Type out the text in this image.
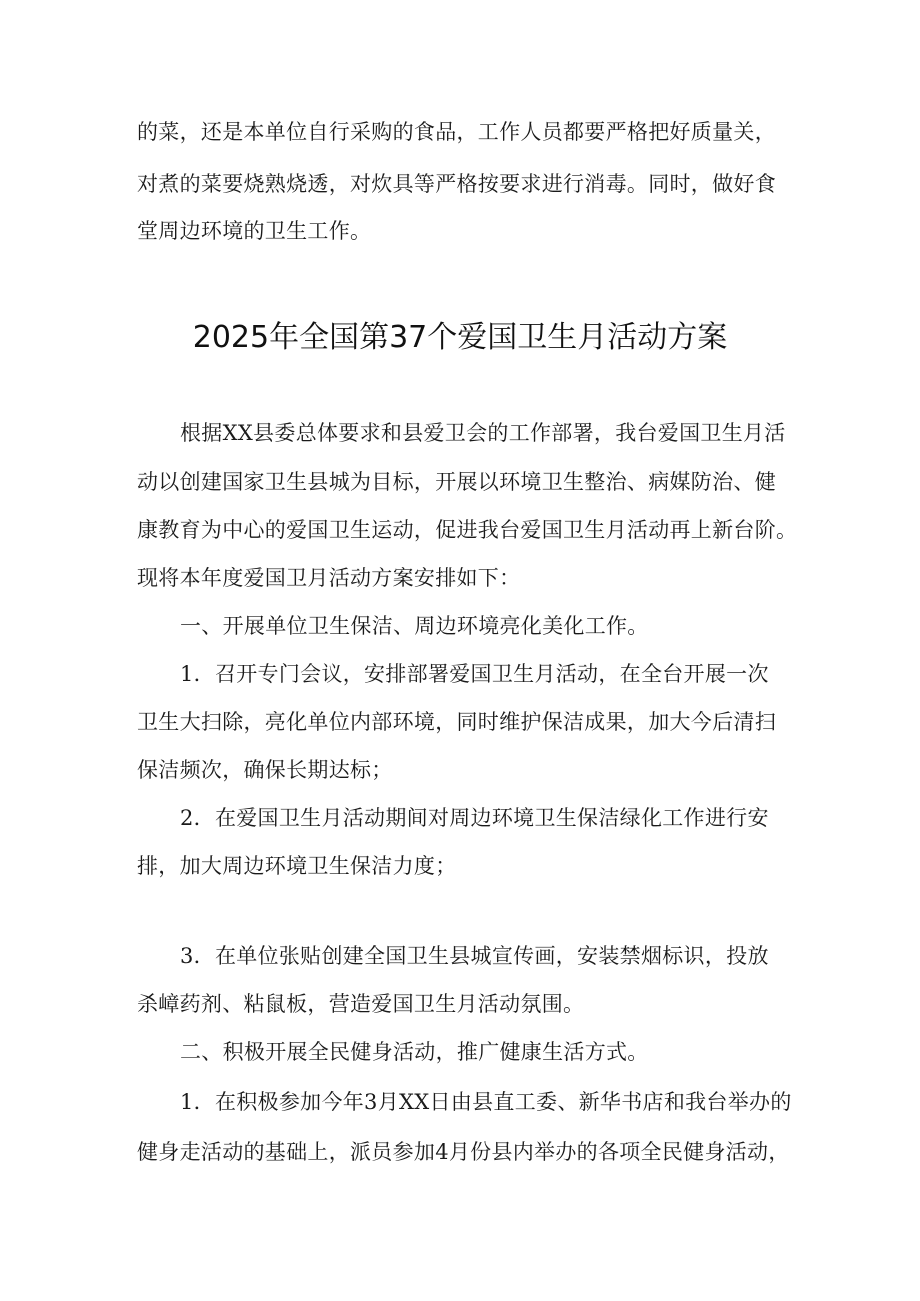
的菜，还是本单位自行采购的食品，工作人员都要严格把好质量关，
对煮的菜要烧熟烧透，对炊具等严格按要求进行消毒。同时，做好食
堂周边环境的卫生工作。
2025年全国第37个爱国卫生月活动方案
根据XX县委总体要求和县爱卫会的工作部署，我台爱国卫生月活
动以创建国家卫生县城为目标，开展以环境卫生整治、病媒防治、健
康教育为中心的爱国卫生运动，促进我台爱国卫生月活动再上新台阶。
现将本年度爱国卫月活动方案安排如下：
一、开展单位卫生保洁、周边环境亮化美化工作。
1．召开专门会议，安排部署爱国卫生月活动，在全台开展一次
卫生大扫除，亮化单位内部环境，同时维护保洁成果，加大今后清扫
保洁频次，确保长期达标；
2．在爱国卫生月活动期间对周边环境卫生保洁绿化工作进行安
排，加大周边环境卫生保洁力度；
3．在单位张贴创建全国卫生县城宣传画，安装禁烟标识，投放
杀嶂药剂、粘鼠板，营造爱国卫生月活动氛围。
二、积极开展全民健身活动，推广健康生活方式。
1．在积极参加今年3月XX日由县直工委、新华书店和我台举办的
健身走活动的基础上，派员参加4月份县内举办的各项全民健身活动，
